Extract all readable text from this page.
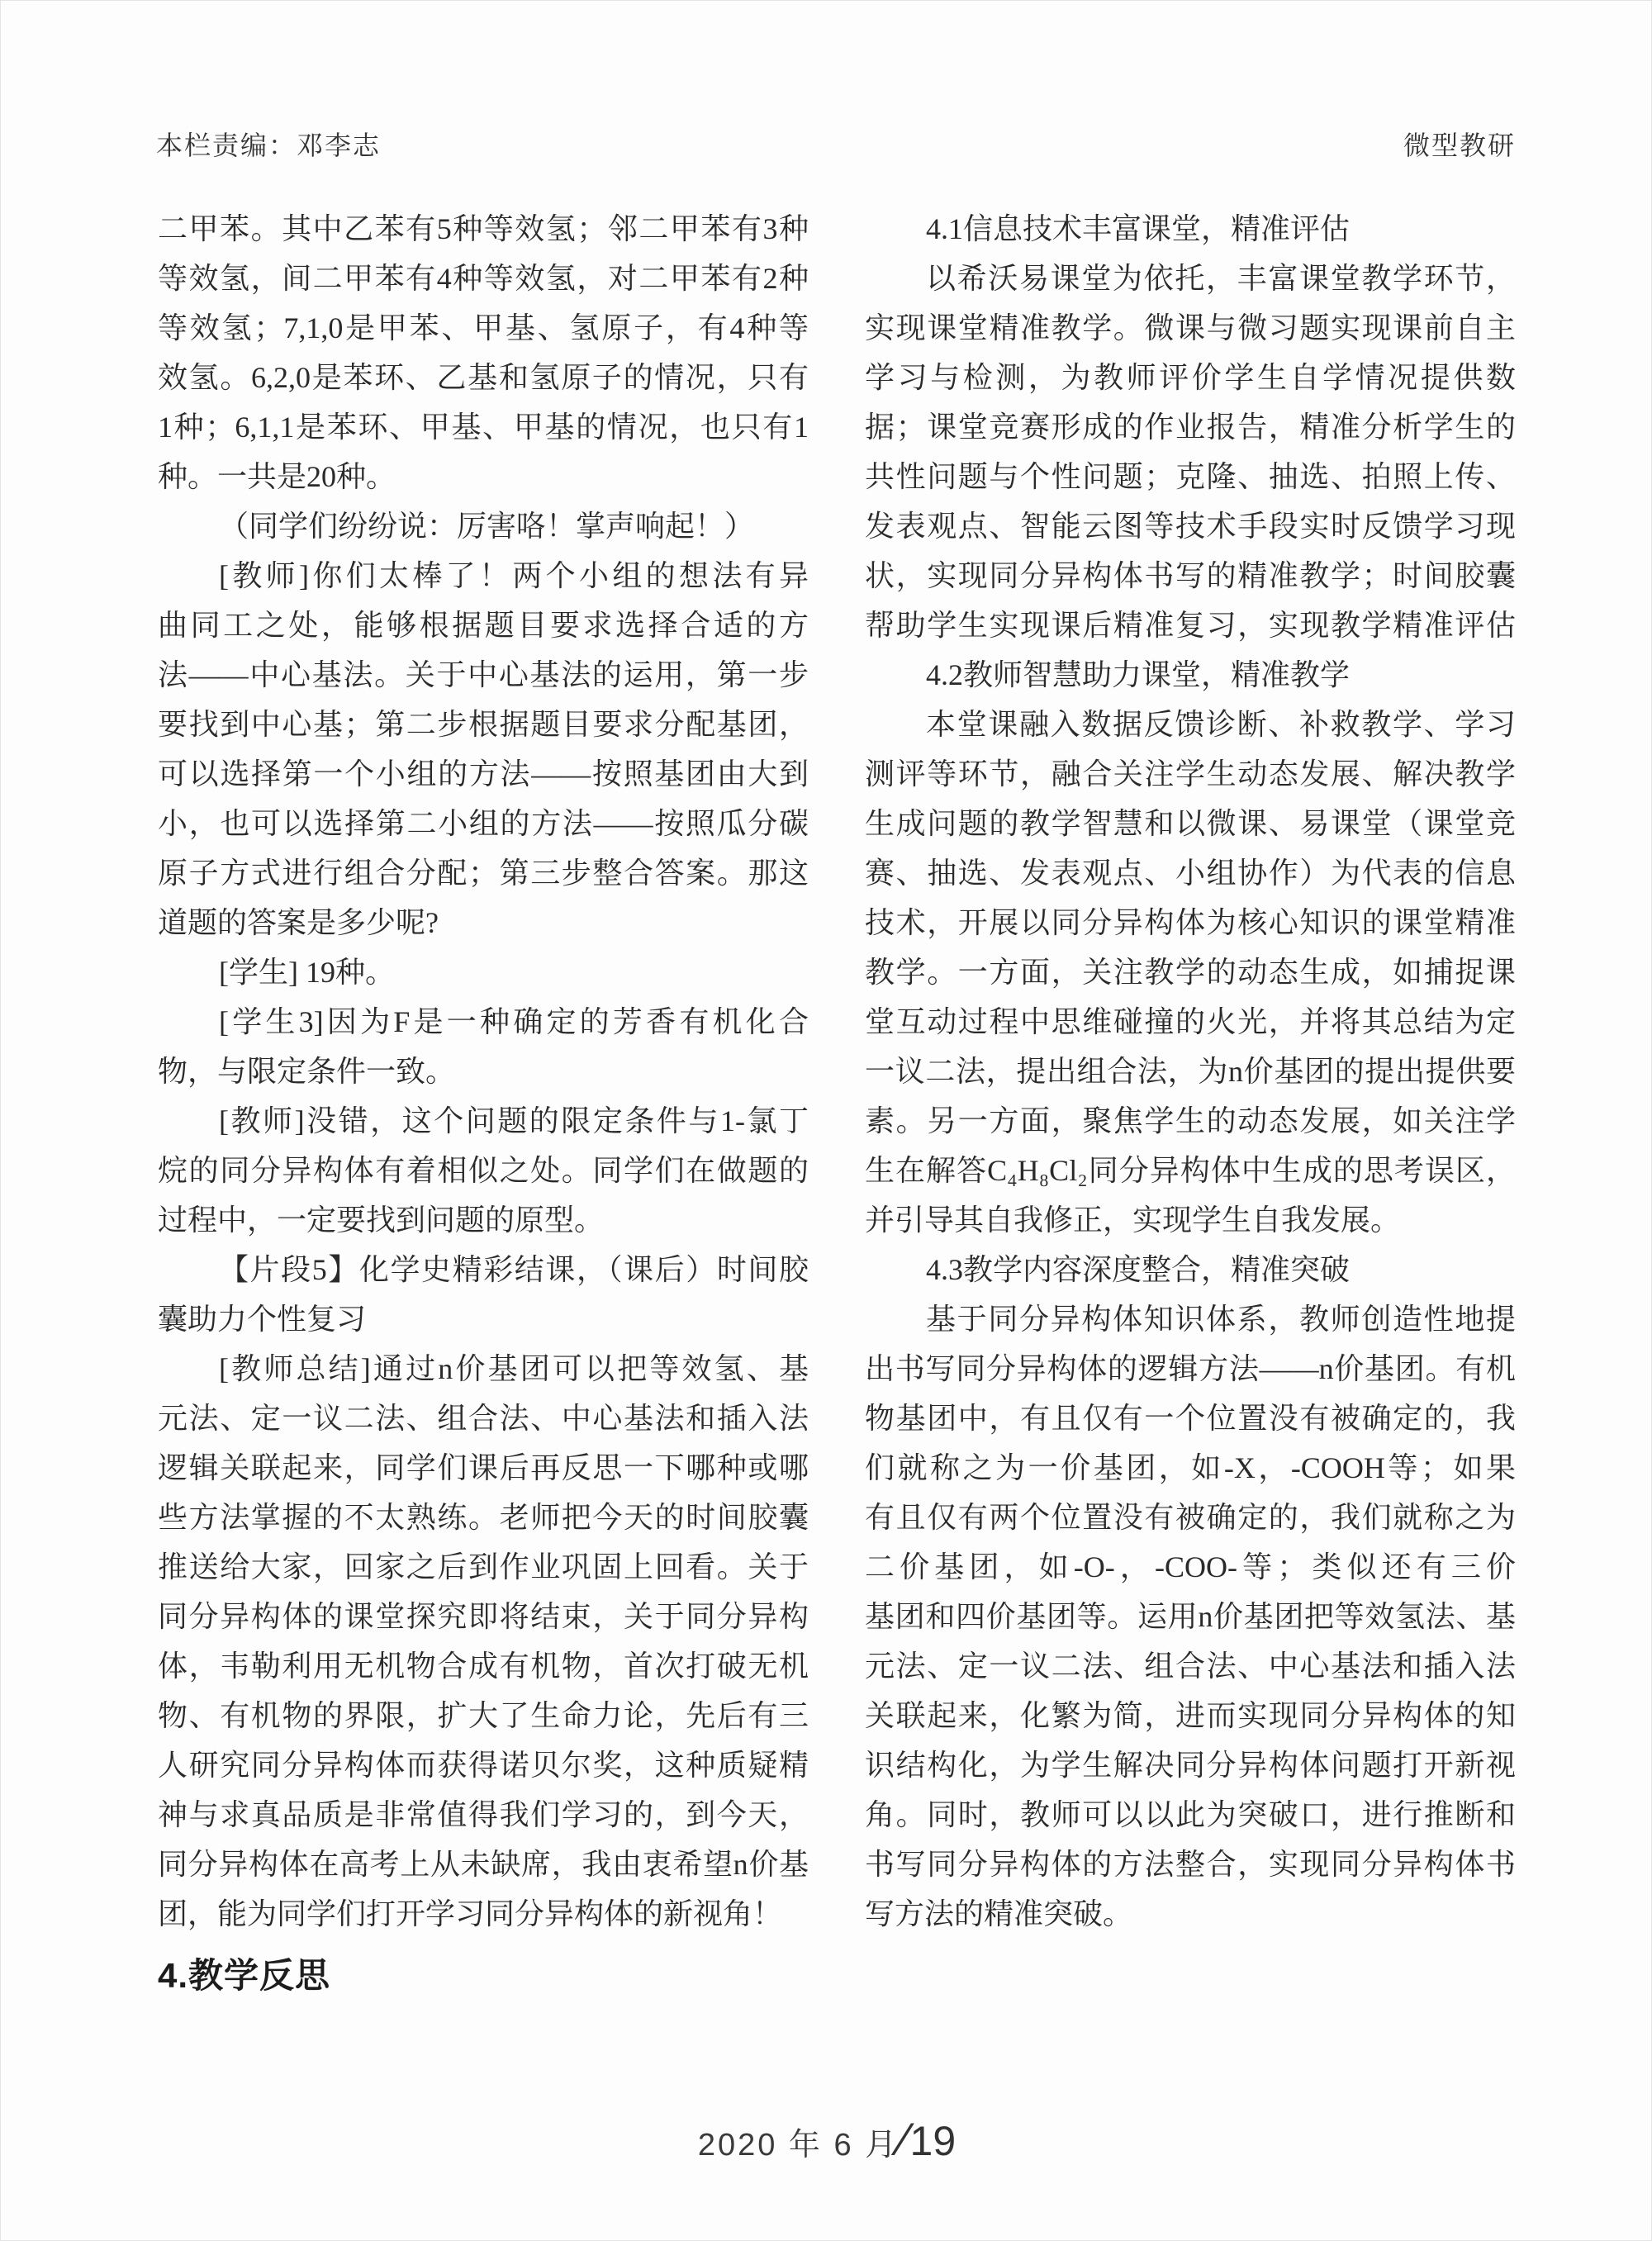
本栏责编：邓李志	微型教研
二甲苯。其中乙苯有5种等效氢；邻二甲苯有3种
等效氢，间二甲苯有4种等效氢，对二甲苯有2种
等效氢；7,1,0是甲苯、甲基、氢原子，有4种等
效氢。6,2,0是苯环、乙基和氢原子的情况，只有
1种；6,1,1是苯环、甲基、甲基的情况，也只有1
种。一共是20种。
（同学们纷纷说：厉害咯！掌声响起！）
[教师]你们太棒了！两个小组的想法有异
曲同工之处，能够根据题目要求选择合适的方
法——中心基法。关于中心基法的运用，第一步
要找到中心基；第二步根据题目要求分配基团，
可以选择第一个小组的方法——按照基团由大到
小，也可以选择第二小组的方法——按照瓜分碳
原子方式进行组合分配；第三步整合答案。那这
道题的答案是多少呢?
[学生] 19种。
[学生3]因为F是一种确定的芳香有机化合
物，与限定条件一致。
[教师]没错，这个问题的限定条件与1-氯丁
烷的同分异构体有着相似之处。同学们在做题的
过程中，一定要找到问题的原型。
【片段5】化学史精彩结课，（课后）时间胶
囊助力个性复习
[教师总结]通过n价基团可以把等效氢、基
元法、定一议二法、组合法、中心基法和插入法
逻辑关联起来，同学们课后再反思一下哪种或哪
些方法掌握的不太熟练。老师把今天的时间胶囊
推送给大家，回家之后到作业巩固上回看。关于
同分异构体的课堂探究即将结束，关于同分异构
体，韦勒利用无机物合成有机物，首次打破无机
物、有机物的界限，扩大了生命力论，先后有三
人研究同分异构体而获得诺贝尔奖，这种质疑精
神与求真品质是非常值得我们学习的，到今天，
同分异构体在高考上从未缺席，我由衷希望n价基
团，能为同学们打开学习同分异构体的新视角！
4.1信息技术丰富课堂，精准评估
以希沃易课堂为依托，丰富课堂教学环节，
实现课堂精准教学。微课与微习题实现课前自主
学习与检测，为教师评价学生自学情况提供数
据；课堂竞赛形成的作业报告，精准分析学生的
共性问题与个性问题；克隆、抽选、拍照上传、
发表观点、智能云图等技术手段实时反馈学习现
状，实现同分异构体书写的精准教学；时间胶囊
帮助学生实现课后精准复习，实现教学精准评估
4.2教师智慧助力课堂，精准教学
本堂课融入数据反馈诊断、补救教学、学习
测评等环节，融合关注学生动态发展、解决教学
生成问题的教学智慧和以微课、易课堂（课堂竞
赛、抽选、发表观点、小组协作）为代表的信息
技术，开展以同分异构体为核心知识的课堂精准
教学。一方面，关注教学的动态生成，如捕捉课
堂互动过程中思维碰撞的火光，并将其总结为定
一议二法，提出组合法，为n价基团的提出提供要
素。另一方面，聚焦学生的动态发展，如关注学
生在解答C₄H₈Cl₂同分异构体中生成的思考误区，
并引导其自我修正，实现学生自我发展。
4.3教学内容深度整合，精准突破
基于同分异构体知识体系，教师创造性地提
出书写同分异构体的逻辑方法——n价基团。有机
物基团中，有且仅有一个位置没有被确定的，我
们就称之为一价基团，如-X，-COOH等；如果
有且仅有两个位置没有被确定的，我们就称之为
二价基团，如-O-，-COO-等；类似还有三价
基团和四价基团等。运用n价基团把等效氢法、基
元法、定一议二法、组合法、中心基法和插入法
关联起来，化繁为简，进而实现同分异构体的知
识结构化，为学生解决同分异构体问题打开新视
角。同时，教师可以以此为突破口，进行推断和
书写同分异构体的方法整合，实现同分异构体书
写方法的精准突破。
4.教学反思
2020 年 6 月 ∕ 19
